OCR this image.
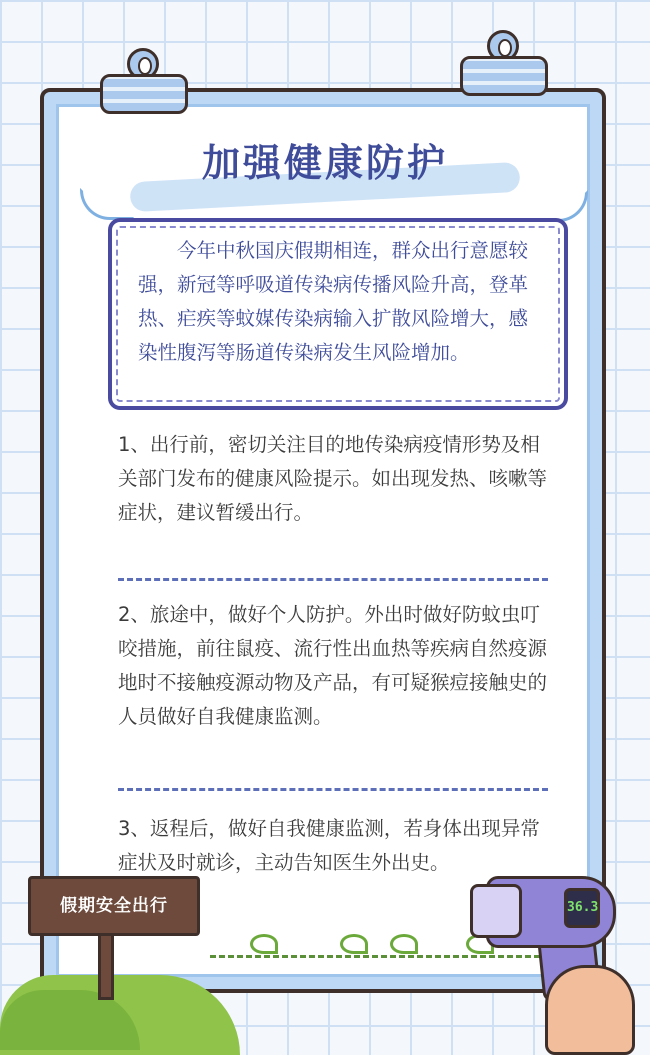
加强健康防护
今年中秋国庆假期相连，群众出行意愿较强，新冠等呼吸道传染病传播风险升高，登革热、疟疾等蚊媒传染病输入扩散风险增大，感染性腹泻等肠道传染病发生风险增加。
1、出行前，密切关注目的地传染病疫情形势及相关部门发布的健康风险提示。如出现发热、咳嗽等症状，建议暂缓出行。
2、旅途中，做好个人防护。外出时做好防蚊虫叮咬措施，前往鼠疫、流行性出血热等疾病自然疫源地时不接触疫源动物及产品，有可疑猴痘接触史的人员做好自我健康监测。
3、返程后，做好自我健康监测，若身体出现异常症状及时就诊，主动告知医生外出史。
假期安全出行	36.3
